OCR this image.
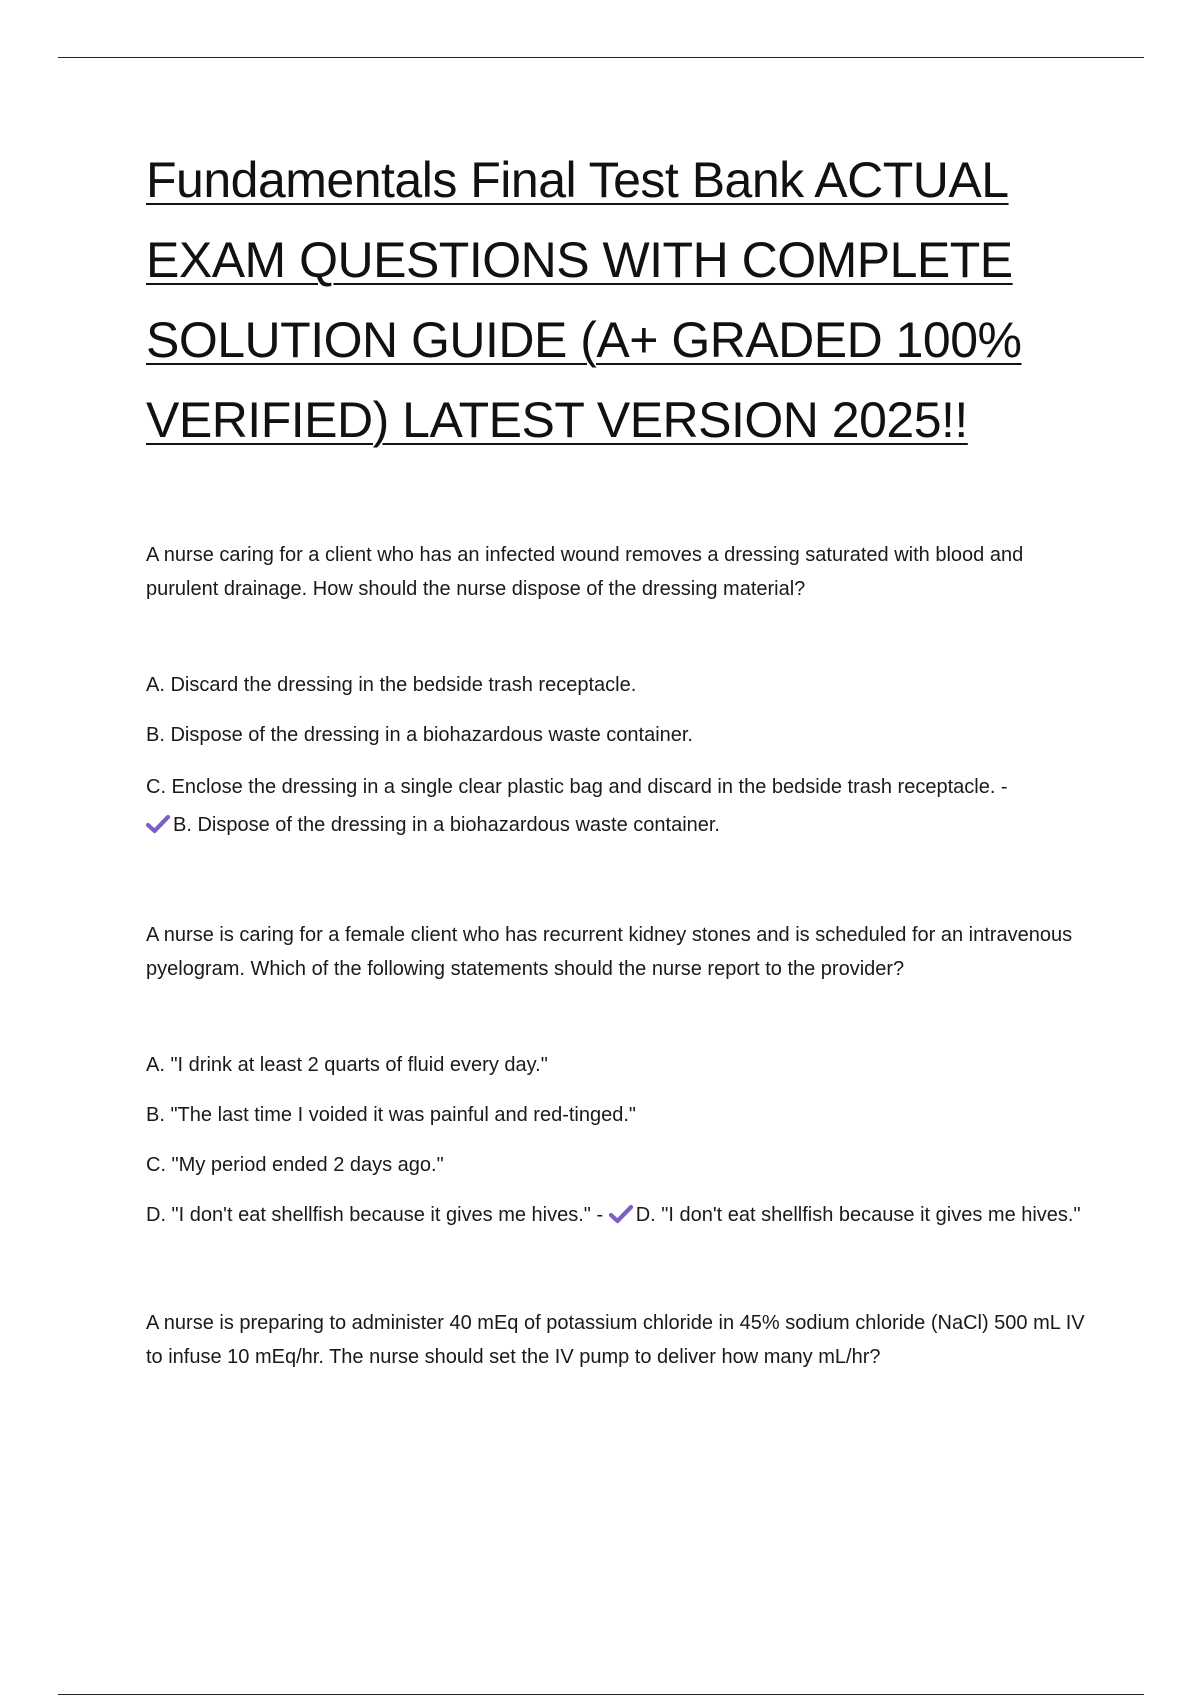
Fundamentals Final Test Bank ACTUAL
EXAM QUESTIONS WITH COMPLETE
SOLUTION GUIDE (A+ GRADED 100%
VERIFIED) LATEST VERSION 2025!!

A nurse caring for a client who has an infected wound removes a dressing saturated with blood and purulent drainage. How should the nurse dispose of the dressing material?

A. Discard the dressing in the bedside trash receptacle.

B. Dispose of the dressing in a biohazardous waste container.

C. Enclose the dressing in a single clear plastic bag and discard in the bedside trash receptacle. -

B. Dispose of the dressing in a biohazardous waste container.

A nurse is caring for a female client who has recurrent kidney stones and is scheduled for an intravenous pyelogram. Which of the following statements should the nurse report to the provider?

A. "I drink at least 2 quarts of fluid every day."

B. "The last time I voided it was painful and red-tinged."

C. "My period ended 2 days ago."

D. "I don't eat shellfish because it gives me hives." - D. "I don't eat shellfish because it gives me hives."

A nurse is preparing to administer 40 mEq of potassium chloride in 45% sodium chloride (NaCl) 500 mL IV to infuse 10 mEq/hr. The nurse should set the IV pump to deliver how many mL/hr?
